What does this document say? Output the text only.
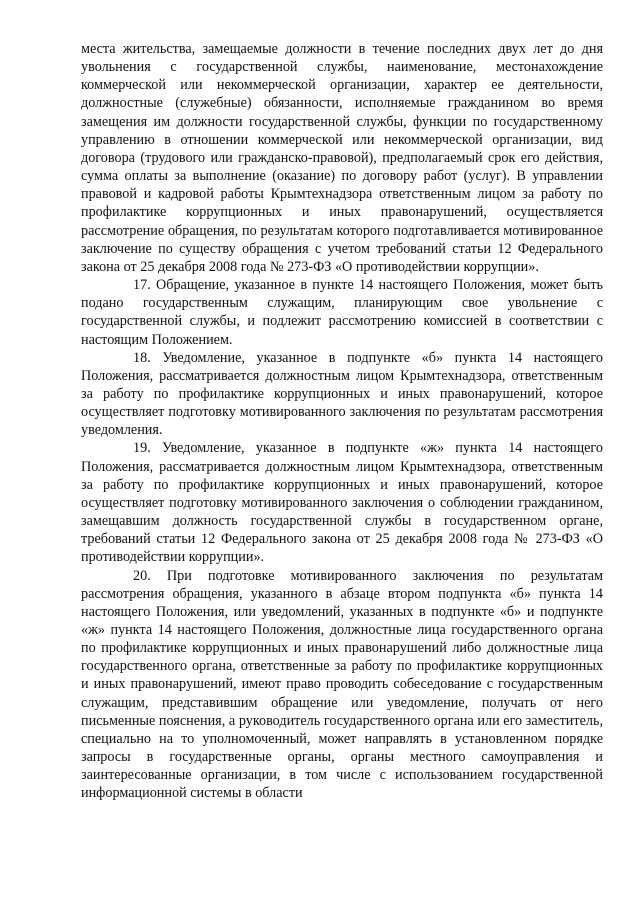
места жительства, замещаемые должности в течение последних двух лет до дня увольнения с государственной службы, наименование, местонахождение коммерческой или некоммерческой организации, характер ее деятельности, должностные (служебные) обязанности, исполняемые гражданином во время замещения им должности государственной службы, функции по государственному управлению в отношении коммерческой или некоммерческой организации, вид договора (трудового или гражданско-правовой), предполагаемый срок его действия, сумма оплаты за выполнение (оказание) по договору работ (услуг). В управлении правовой и кадровой работы Крымтехнадзора ответственным лицом за работу по профилактике коррупционных и иных правонарушений, осуществляется рассмотрение обращения, по результатам которого подготавливается мотивированное заключение по существу обращения с учетом требований статьи 12 Федерального закона от 25 декабря 2008 года № 273-ФЗ «О противодействии коррупции».

17. Обращение, указанное в пункте 14 настоящего Положения, может быть подано государственным служащим, планирующим свое увольнение с государственной службы, и подлежит рассмотрению комиссией в соответствии с настоящим Положением.

18. Уведомление, указанное в подпункте «б» пункта 14 настоящего Положения, рассматривается должностным лицом Крымтехнадзора, ответственным за работу по профилактике коррупционных и иных правонарушений, которое осуществляет подготовку мотивированного заключения по результатам рассмотрения уведомления.

19. Уведомление, указанное в подпункте «ж» пункта 14 настоящего Положения, рассматривается должностным лицом Крымтехнадзора, ответственным за работу по профилактике коррупционных и иных правонарушений, которое осуществляет подготовку мотивированного заключения о соблюдении гражданином, замещавшим должность государственной службы в государственном органе, требований статьи 12 Федерального закона от 25 декабря 2008 года № 273-ФЗ «О противодействии коррупции».

20. При подготовке мотивированного заключения по результатам рассмотрения обращения, указанного в абзаце втором подпункта «б» пункта 14 настоящего Положения, или уведомлений, указанных в подпункте «б» и подпункте «ж» пункта 14 настоящего Положения, должностные лица государственного органа по профилактике коррупционных и иных правонарушений либо должностные лица государственного органа, ответственные за работу по профилактике коррупционных и иных правонарушений, имеют право проводить собеседование с государственным служащим, представившим обращение или уведомление, получать от него письменные пояснения, а руководитель государственного органа или его заместитель, специально на то уполномоченный, может направлять в установленном порядке запросы в государственные органы, органы местного самоуправления и заинтересованные организации, в том числе с использованием государственной информационной системы в области
